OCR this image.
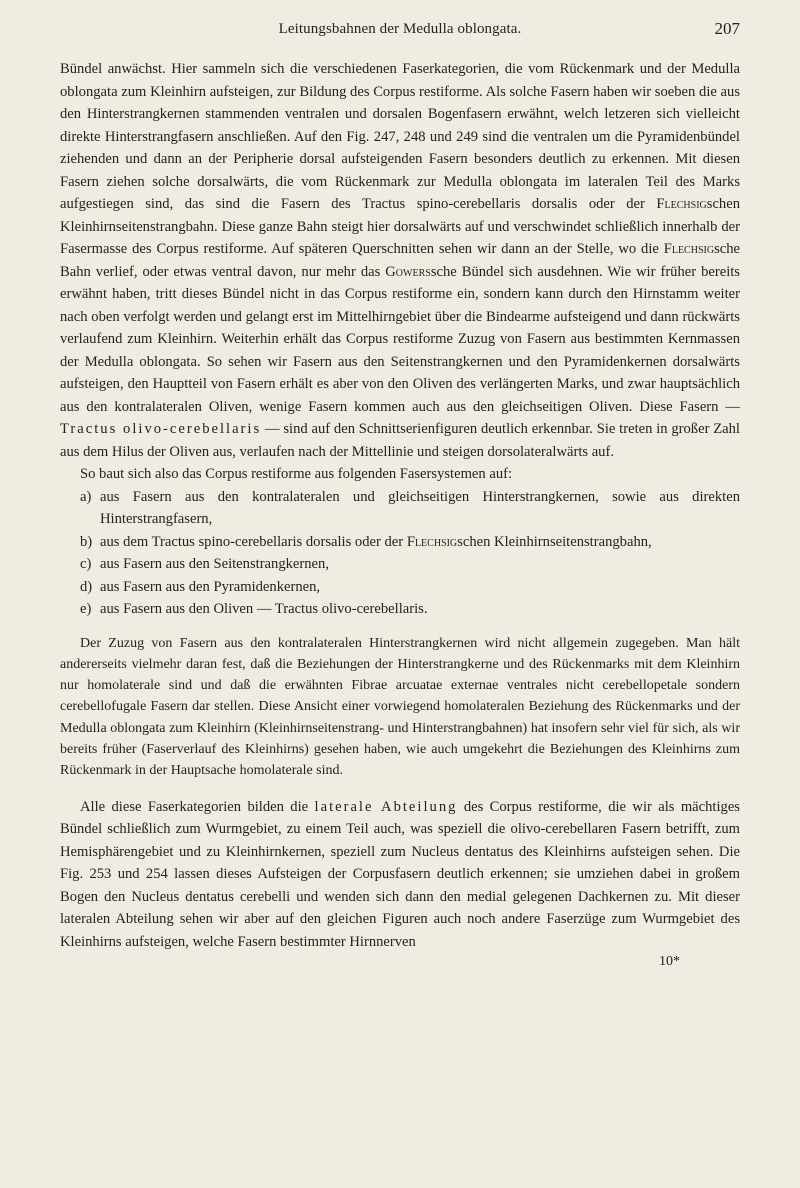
Leitungsbahnen der Medulla oblongata.	207

Bündel anwächst. Hier sammeln sich die verschiedenen Faserkategorien, die vom Rückenmark und der Medulla oblongata zum Kleinhirn aufsteigen, zur Bildung des Corpus restiforme. Als solche Fasern haben wir soeben die aus den Hinterstrangkernen stammenden ventralen und dorsalen Bogenfasern erwähnt, welch letzeren sich vielleicht direkte Hinterstrangfasern anschließen. Auf den Fig. 247, 248 und 249 sind die ventralen um die Pyramidenbündel ziehenden und dann an der Peripherie dorsal aufsteigenden Fasern besonders deutlich zu erkennen. Mit diesen Fasern ziehen solche dorsalwärts, die vom Rückenmark zur Medulla oblongata im lateralen Teil des Marks aufgestiegen sind, das sind die Fasern des Tractus spino-cerebellaris dorsalis oder der Flechsigschen Kleinhirnseitenstrangbahn. Diese ganze Bahn steigt hier dorsalwärts auf und verschwindet schließlich innerhalb der Fasermasse des Corpus restiforme. Auf späteren Querschnitten sehen wir dann an der Stelle, wo die Flechsigsche Bahn verlief, oder etwas ventral davon, nur mehr das Gowerssche Bündel sich ausdehnen. Wie wir früher bereits erwähnt haben, tritt dieses Bündel nicht in das Corpus restiforme ein, sondern kann durch den Hirnstamm weiter nach oben verfolgt werden und gelangt erst im Mittelhirngebiet über die Bindearme aufsteigend und dann rückwärts verlaufend zum Kleinhirn. Weiterhin erhält das Corpus restiforme Zuzug von Fasern aus bestimmten Kernmassen der Medulla oblongata. So sehen wir Fasern aus den Seitenstrangkernen und den Pyramidenkernen dorsalwärts aufsteigen, den Hauptteil von Fasern erhält es aber von den Oliven des verlängerten Marks, und zwar hauptsächlich aus den kontralateralen Oliven, wenige Fasern kommen auch aus den gleichseitigen Oliven. Diese Fasern — Tractus olivo-cerebellaris — sind auf den Schnittserienfiguren deutlich erkennbar. Sie treten in großer Zahl aus dem Hilus der Oliven aus, verlaufen nach der Mittellinie und steigen dorsolateralwärts auf.

So baut sich also das Corpus restiforme aus folgenden Fasersystemen auf:

a) aus Fasern aus den kontralateralen und gleichseitigen Hinterstrangkernen, sowie aus direkten Hinterstrangfasern,
b) aus dem Tractus spino-cerebellaris dorsalis oder der Flechsigschen Kleinhirnseitenstrangbahn,
c) aus Fasern aus den Seitenstrangkernen,
d) aus Fasern aus den Pyramidenkernen,
e) aus Fasern aus den Oliven — Tractus olivo-cerebellaris.

Der Zuzug von Fasern aus den kontralateralen Hinterstrangkernen wird nicht allgemein zugegeben. Man hält andererseits vielmehr daran fest, daß die Beziehungen der Hinterstrangkerne und des Rückenmarks mit dem Kleinhirn nur homolaterale sind und daß die erwähnten Fibrae arcuatae externae ventrales nicht cerebellopetale sondern cerebellofugale Fasern dar stellen. Diese Ansicht einer vorwiegend homolateralen Beziehung des Rückenmarks und der Medulla oblongata zum Kleinhirn (Kleinhirnseitenstrang- und Hinterstrangbahnen) hat insofern sehr viel für sich, als wir bereits früher (Faserverlauf des Kleinhirns) gesehen haben, wie auch umgekehrt die Beziehungen des Kleinhirns zum Rückenmark in der Hauptsache homolaterale sind.

Alle diese Faserkategorien bilden die laterale Abteilung des Corpus restiforme, die wir als mächtiges Bündel schließlich zum Wurmgebiet, zu einem Teil auch, was speziell die olivo-cerebellaren Fasern betrifft, zum Hemisphärengebiet und zu Kleinhirnkernen, speziell zum Nucleus dentatus des Kleinhirns aufsteigen sehen. Die Fig. 253 und 254 lassen dieses Aufsteigen der Corpusfasern deutlich erkennen; sie umziehen dabei in großem Bogen den Nucleus dentatus cerebelli und wenden sich dann den medial gelegenen Dachkernen zu. Mit dieser lateralen Abteilung sehen wir aber auf den gleichen Figuren auch noch andere Faserzüge zum Wurmgebiet des Kleinhirns aufsteigen, welche Fasern bestimmter Hirnnerven

10*
